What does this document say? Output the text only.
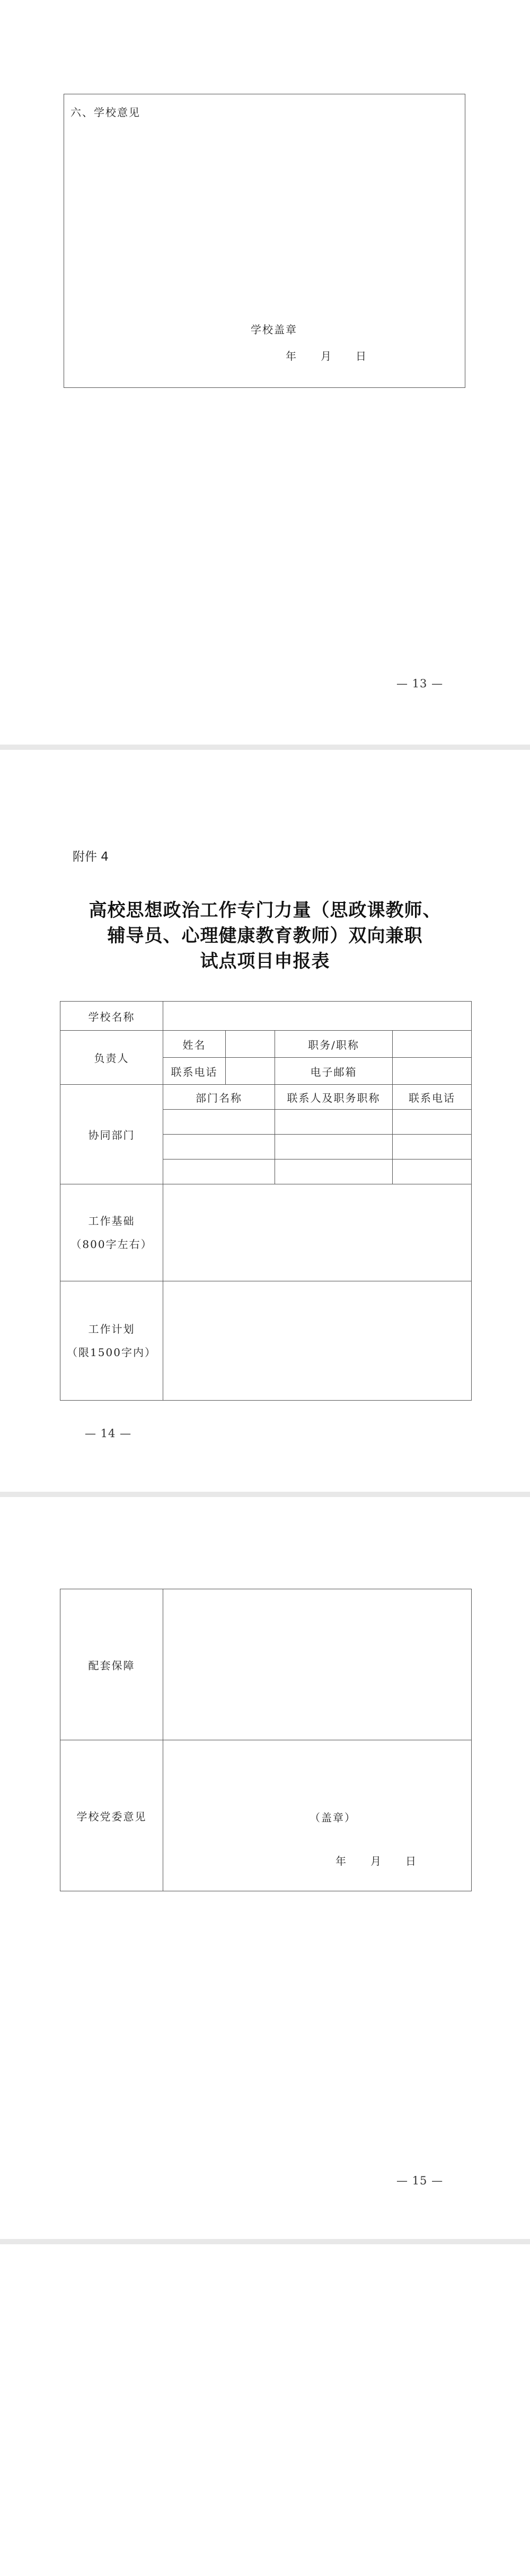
六、学校意见
学校盖章
年　　月　　日
— 13 —
附件 4
高校思想政治工作专门力量（思政课教师、
辅导员、心理健康教育教师）双向兼职
试点项目申报表
学校名称				
负责人	姓名		职务/职称	
	联系电话		电子邮箱	
协同部门	部门名称		联系人及职务职称	联系电话

工作基础
（800字左右）				

工作计划
（限1500字内）				

— 14 —
配套保障	
学校党委意见	（盖章）
年　　月　　日
— 15 —
